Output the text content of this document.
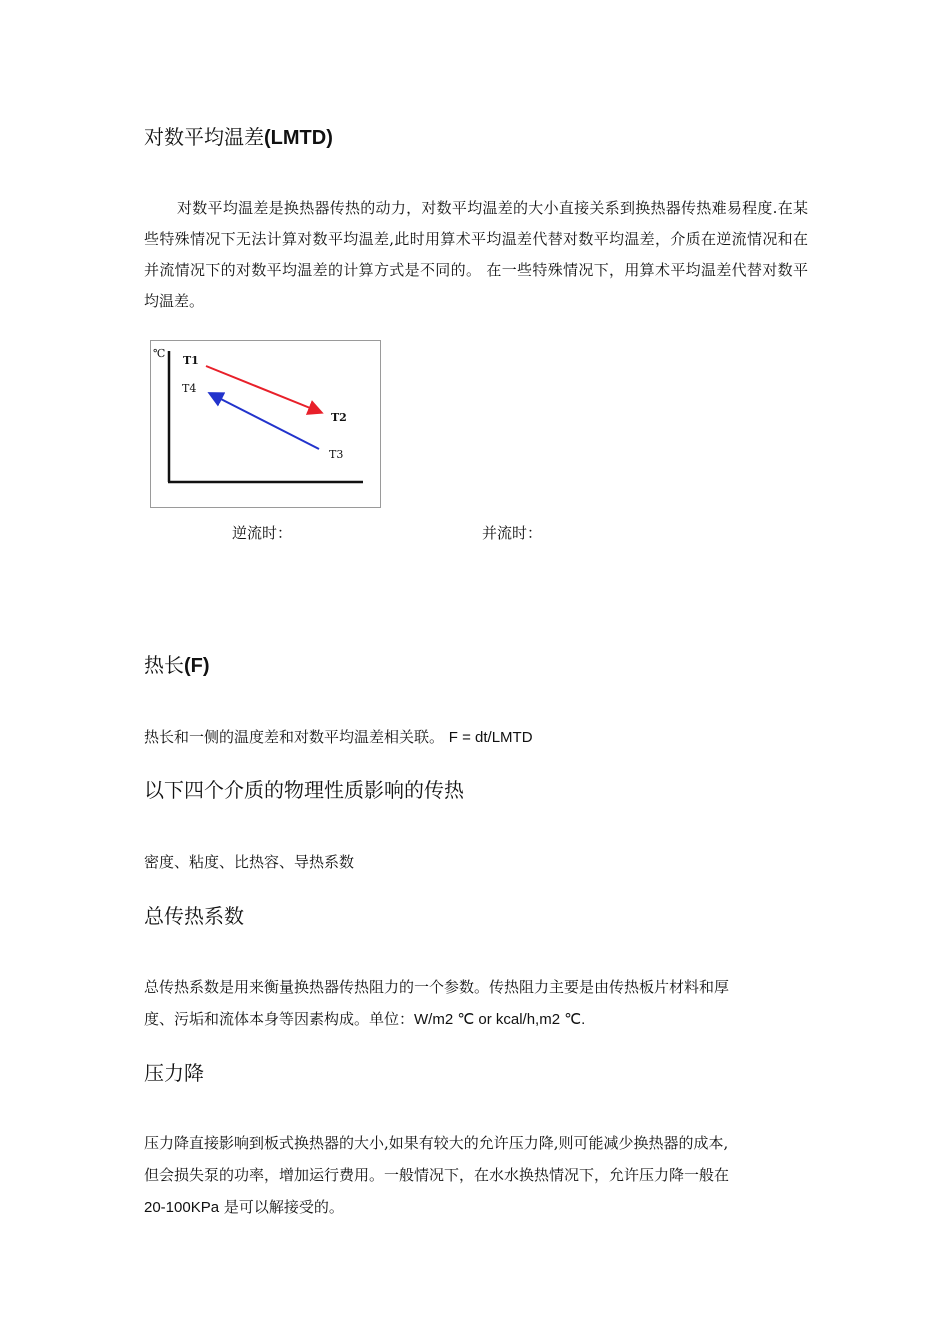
对数平均温差(LMTD)
对数平均温差是换热器传热的动力，对数平均温差的大小直接关系到换热器传热难易程度.在某些特殊情况下无法计算对数平均温差,此时用算术平均温差代替对数平均温差，介质在逆流情况和在并流情况下的对数平均温差的计算方式是不同的。 在一些特殊情况下，用算术平均温差代替对数平均温差。
℃
T1
T4
T2
T3
逆流时：	并流时：
热长(F)
热长和一侧的温度差和对数平均温差相关联。 F = dt/LMTD
以下四个介质的物理性质影响的传热
密度、粘度、比热容、导热系数
总传热系数
总传热系数是用来衡量换热器传热阻力的一个参数。传热阻力主要是由传热板片材料和厚
度、污垢和流体本身等因素构成。单位：W/m2 ℃ or kcal/h,m2 ℃.
压力降
压力降直接影响到板式换热器的大小,如果有较大的允许压力降,则可能减少换热器的成本,
但会损失泵的功率，增加运行费用。一般情况下，在水水换热情况下，允许压力降一般在
20-100KPa 是可以解接受的。
